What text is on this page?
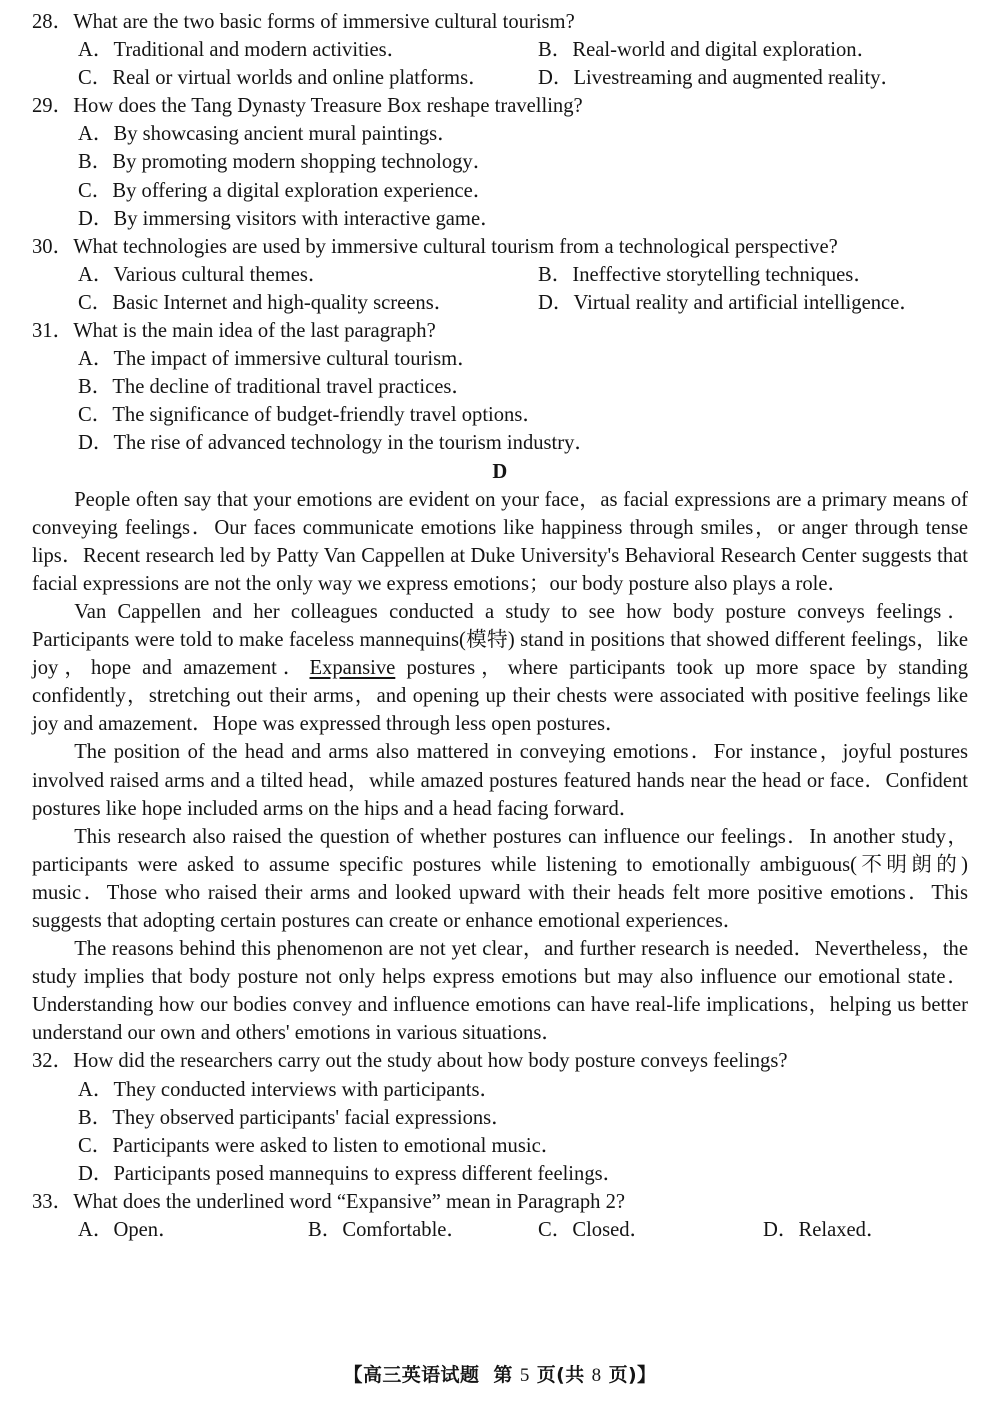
28．What are the two basic forms of immersive cultural tourism?
A．Traditional and modern activities．	B．Real-world and digital exploration．
C．Real or virtual worlds and online platforms． D．Livestreaming and augmented reality．
29．How does the Tang Dynasty Treasure Box reshape travelling?
A．By showcasing ancient mural paintings．
B．By promoting modern shopping technology．
C．By offering a digital exploration experience．
D．By immersing visitors with interactive game．
30．What technologies are used by immersive cultural tourism from a technological perspective?
A．Various cultural themes．	B．Ineffective storytelling techniques．
C．Basic Internet and high-quality screens．	D．Virtual reality and artificial intelligence．
31．What is the main idea of the last paragraph?
A．The impact of immersive cultural tourism．
B．The decline of traditional travel practices．
C．The significance of budget-friendly travel options．
D．The rise of advanced technology in the tourism industry．
D

People often say that your emotions are evident on your face，as facial expressions are a primary means of conveying feelings．Our faces communicate emotions like happiness through smiles，or anger through tense lips．Recent research led by Patty Van Cappellen at Duke University's Behavioral Research Center suggests that facial expressions are not the only way we express emotions；our body posture also plays a role．

Van Cappellen and her colleagues conducted a study to see how body posture conveys feelings．Participants were told to make faceless mannequins(模特) stand in positions that showed different feelings，like joy，hope and amazement．Expansive postures，where participants took up more space by standing confidently，stretching out their arms，and opening up their chests were associated with positive feelings like joy and amazement．Hope was expressed through less open postures．

The position of the head and arms also mattered in conveying emotions．For instance，joyful postures involved raised arms and a tilted head，while amazed postures featured hands near the head or face．Confident postures like hope included arms on the hips and a head facing forward．

This research also raised the question of whether postures can influence our feelings．In another study，participants were asked to assume specific postures while listening to emotionally ambiguous(不明朗的) music．Those who raised their arms and looked upward with their heads felt more positive emotions．This suggests that adopting certain postures can create or enhance emotional experiences．

The reasons behind this phenomenon are not yet clear，and further research is needed．Nevertheless，the study implies that body posture not only helps express emotions but may also influence our emotional state．Understanding how our bodies convey and influence emotions can have real-life implications，helping us better understand our own and others' emotions in various situations．

32．How did the researchers carry out the study about how body posture conveys feelings?
A．They conducted interviews with participants．
B．They observed participants' facial expressions．
C．Participants were asked to listen to emotional music．
D．Participants posed mannequins to express different feelings．
33．What does the underlined word “Expansive” mean in Paragraph 2?
A．Open．	B．Comfortable．	C．Closed．	D．Relaxed．
【高三英语试题 第 5 页(共 8 页)】
